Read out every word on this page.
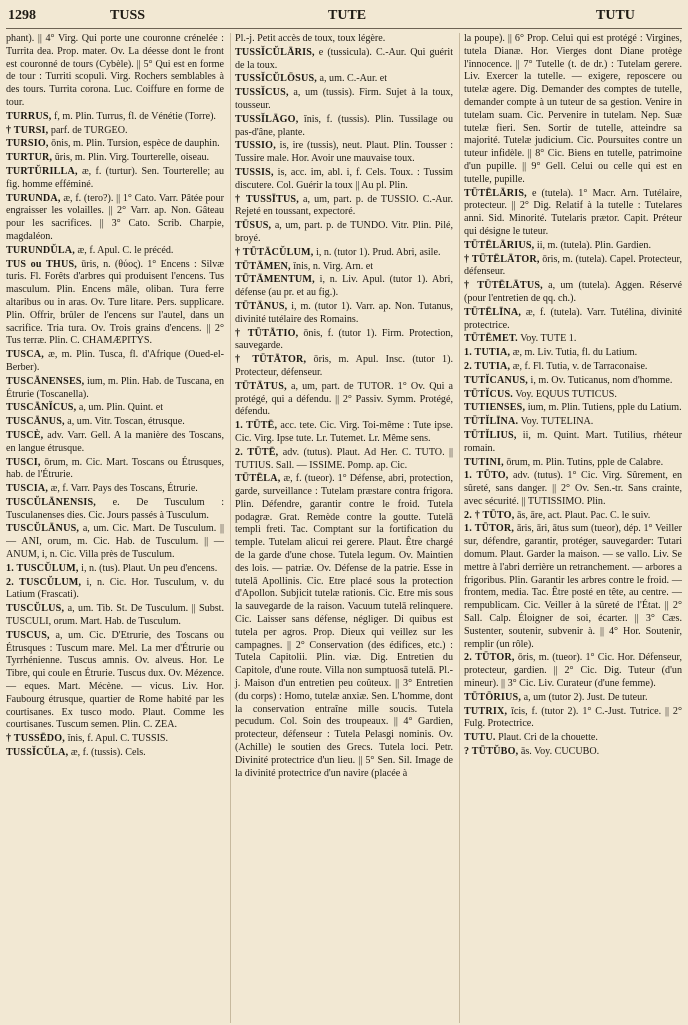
1298	TUSS	TUTE	TUTU

phant). || 4° Virg. Qui porte une couronne crénelée : Turrita dea. Prop. mater. Ov. La déesse dont le front est couronné de tours (Cybèle). || 5° Qui est en forme de tour : Turriti scopuli. Virg. Rochers semblables à des tours. Turrita corona. Luc. Coiffure en forme de tour.

TURRUS, f, m. Plin. Turrus, fl. de Vénétie (Torre).

† TURSI, parf. de TURGEO.

TURSIO, ōnis, m. Plin. Tursion, espèce de dauphin.

TURTUR, ŭris, m. Plin. Virg. Tourterelle, oiseau.

TURTŬRILLA, æ, f. (turtur). Sen. Tourterelle; au fig. homme efféminé.

TURUNDA, æ, f. (tero?). || 1° Cato. Varr. Pâtée pour engraisser les volailles. || 2° Varr. ap. Non. Gâteau pour les sacrifices. || 3° Cato. Scrib. Charpie, magdaléon.

TURUNDŬLA, æ, f. Apul. C. le précéd.

TUS ou THUS, ūris, n. (θύος). 1° Encens : Silvæ turis. Fl. Forêts d'arbres qui produisent l'encens. Tus masculum. Plin. Encens mâle, oliban. Tura ferre altaribus ou in aras. Ov. Ture litare. Pers. supplicare. Plin. Offrir, brûler de l'encens sur l'autel, dans un sacrifice. Tria tura. Ov. Trois grains d'encens. || 2° Tus terræ. Plin. C. CHAMÆPITYS.

TUSCA, æ, m. Plin. Tusca, fl. d'Afrique (Oued-el-Berber).

TUSCĀNENSES, ium, m. Plin. Hab. de Tuscana, en Étrurie (Toscanella).

TUSCĀNĬCUS, a, um. Plin. Quint. et

TUSCĀNUS, a, um. Vitr. Toscan, étrusque.

TUSCÈ, adv. Varr. Gell. A la manière des Toscans, en langue étrusque.

TUSCI, ōrum, m. Cic. Mart. Toscans ou Étrusques, hab. de l'Étrurie.

TUSCIA, æ, f. Varr. Pays des Toscans, Étrurie.

TUSCŬLĀNENSIS, e. De Tusculum : Tusculanenses dies. Cic. Jours passés à Tusculum.

TUSCŬLĀNUS, a, um. Cic. Mart. De Tusculum. || — ANI, orum, m. Cic. Hab. de Tusculum. || — ANUM, i, n. Cic. Villa près de Tusculum.

1. TUSCŬLUM, i, n. (tus). Plaut. Un peu d'encens.

2. TUSCŬLUM, i, n. Cic. Hor. Tusculum, v. du Latium (Frascati).

TUSCŬLUS, a, um. Tib. St. De Tusculum. || Subst. TUSCULI, orum. Mart. Hab. de Tusculum.

TUSCUS, a, um. Cic. D'Etrurie, des Toscans ou Étrusques : Tuscum mare. Mel. La mer d'Étrurie ou Tyrrhénienne. Tuscus amnis. Ov. alveus. Hor. Le Tibre, qui coule en Étrurie. Tuscus dux. Ov. Mézence. — eques. Mart. Mécène. — vicus. Liv. Hor. Faubourg étrusque, quartier de Rome habité par les courtisanes. Ex tusco modo. Plaut. Comme les courtisanes. Tuscum semen. Plin. C. ZEA.

† TUSSĒDO, ĭnis, f. Apul. C. TUSSIS.

TUSSĬCŬLA, æ, f. (tussis). Cels.

Pl.-j. Petit accès de toux, toux légère.

TUSSĬCŬLĀRIS, e (tussicula). C.-Aur. Qui guérit de la toux.

TUSSĬCŬLŌSUS, a, um. C.-Aur. et

TUSSĬCUS, a, um (tussis). Firm. Sujet à la toux, tousseur.

TUSSĬLĀGO, ĭnis, f. (tussis). Plin. Tussilage ou pas-d'âne, plante.

TUSSIO, is, ire (tussis), neut. Plaut. Plin. Tousser : Tussire male. Hor. Avoir une mauvaise toux.

TUSSIS, is, acc. im, abl. i, f. Cels. Toux. : Tussim discutere. Col. Guérir la toux || Au pl. Plin.

† TUSSĪTUS, a, um, part. p. de TUSSIO. C.-Aur. Rejeté en toussant, expectoré.

TŪSUS, a, um, part. p. de TUNDO. Vitr. Plin. Pilé, broyé.

† TŪTĀCŬLUM, i, n. (tutor 1). Prud. Abri, asile.

TŪTĀMEN, ĭnis, n. Virg. Arn. et

TŪTĀMENTUM, i, n. Liv. Apul. (tutor 1). Abri, défense (au pr. et au fig.).

TŪTĀNUS, i, m. (tutor 1). Varr. ap. Non. Tutanus, divinité tutélaire des Romains.

† TŪTĀTIO, ōnis, f. (tutor 1). Firm. Protection, sauvegarde.

† TŪTĀTOR, ōris, m. Apul. Insc. (tutor 1). Protecteur, défenseur.

TŪTĀTUS, a, um, part. de TUTOR. 1° Ov. Qui a protégé, qui a défendu. || 2° Passiv. Symm. Protégé, défendu.

1. TŪTĒ, acc. tete. Cic. Virg. Toi-même : Tute ipse. Cic. Virg. Ipse tute. Lr. Tutemet. Lr. Même sens.

2. TŪTĒ, adv. (tutus). Plaut. Ad Her. C. TUTO. || TUTIUS. Sall. — ISSIME. Pomp. ap. Cic.

TŪTĒLA, æ, f. (tueor). 1° Défense, abri, protection, garde, surveillance : Tutelam præstare contra frigora. Plin. Défendre, garantir contre le froid. Tutela podagræ. Grat. Remède contre la goutte. Tutelā templi freti. Tac. Comptant sur la fortification du temple. Tutelam alicui rei gerere. Plaut. Être chargé de la garde d'une chose. Tutela legum. Ov. Maintien des lois. — patriæ. Ov. Défense de la patrie. Esse in tutelā Apollinis. Cic. Etre placé sous la protection d'Apollon. Subjicit tutelæ rationis. Cic. Etre mis sous la sauvegarde de la raison. Vacuum tutelā relinquere. Cic. Laisser sans défense, négliger. Di quibus est tutela per agros. Prop. Dieux qui veillez sur les campagnes. || 2° Conservation (des édifices, etc.) : Tutela Capitolii. Plin. viæ. Dig. Entretien du Capitole, d'une route. Villa non sumptuosā tutelā. Pl.-j. Maison d'un entretien peu coûteux. || 3° Entretien (du corps) : Homo, tutelæ anxiæ. Sen. L'homme, dont la conservation entraîne mille soucis. Tutela pecudum. Col. Soin des troupeaux. || 4° Gardien, protecteur, défenseur : Tutela Pelasgi nominis. Ov. (Achille) le soutien des Grecs. Tutela loci. Petr. Divinité protectrice d'un lieu. || 5° Sen. Sil. Image de la divinité protectrice d'un navire (placée à

la poupe). || 6° Prop. Celui qui est protégé : Virgines, tutela Dianæ. Hor. Vierges dont Diane protège l'innocence. || 7° Tutelle (t. de dr.) : Tutelam gerere. Liv. Exercer la tutelle. — exigere, reposcere ou tutelæ agere. Dig. Demander des comptes de tutelle, demander compte à un tuteur de sa gestion. Venire in tutelam suam. Cic. Pervenire in tutelam. Nep. Suæ tutelæ fieri. Sen. Sortir de tutelle, atteindre sa majorité. Tutelæ judicium. Cic. Poursuites contre un tuteur infidèle. || 8° Cic. Biens en tutelle, patrimoine d'un pupille. || 9° Gell. Celui ou celle qui est en tutelle, pupille.

TŪTĒLĀRIS, e (tutela). 1° Macr. Arn. Tutélaire, protecteur. || 2° Dig. Relatif à la tutelle : Tutelares anni. Sid. Minorité. Tutelaris prætor. Capit. Préteur qui désigne le tuteur.

TŪTĒLĀRIUS, ii, m. (tutela). Plin. Gardien.

† TŪTĒLĀTOR, ōris, m. (tutela). Capel. Protecteur, défenseur.

† TŪTĒLĀTUS, a, um (tutela). Aggen. Réservé (pour l'entretien de qq. ch.).

TŪTĒLĪNA, æ, f. (tutela). Varr. Tutélina, divinité protectrice.

TŪTĒMET. Voy. TUTE 1.

1. TUTIA, æ, m. Liv. Tutia, fl. du Latium.

2. TUTIA, æ, f. Fl. Tutia, v. de Tarraconaise.

TUTĬCANUS, i, m. Ov. Tuticanus, nom d'homme.

TŪTĬCUS. Voy. EQUUS TUTICUS.

TUTIENSES, ium, m. Plin. Tutiens, pple du Latium.

TŪTĬLĪNA. Voy. TUTELINA.

TŪTĬLIUS, ii, m. Quint. Mart. Tutilius, rhéteur romain.

TUTINI, ōrum, m. Plin. Tutins, pple de Calabre.

1. TŪTO, adv. (tutus). 1° Cic. Virg. Sûrement, en sûreté, sans danger. || 2° Ov. Sen.-tr. Sans crainte, avec sécurité. || TUTISSIMO. Plin.

2. † TŪTO, ās, āre, act. Plaut. Pac. C. le suiv.

1. TŪTOR, āris, āri, ātus sum (tueor), dép. 1° Veiller sur, défendre, garantir, protéger, sauvegarder: Tutari domum. Plaut. Garder la maison. — se vallo. Liv. Se mettre à l'abri derrière un retranchement. — arbores a frigoribus. Plin. Garantir les arbres contre le froid. — frontem, media. Tac. Être posté en tête, au centre. — rempublicam. Cic. Veiller à la sûreté de l'État. || 2° Sall. Calp. Éloigner de soi, écarter. || 3° Cæs. Sustenter, soutenir, subvenir à. || 4° Hor. Soutenir, remplir (un rôle).

2. TŪTOR, ōris, m. (tueor). 1° Cic. Hor. Défenseur, protecteur, gardien. || 2° Cic. Dig. Tuteur (d'un mineur). || 3° Cic. Liv. Curateur (d'une femme).

TŪTŌRIUS, a, um (tutor 2). Just. De tuteur.

TUTRIX, īcis, f. (tutor 2). 1° C.-Just. Tutrice. || 2° Fulg. Protectrice.

TUTU. Plaut. Cri de la chouette.

? TŪTŬBO, ās. Voy. CUCUBO.
